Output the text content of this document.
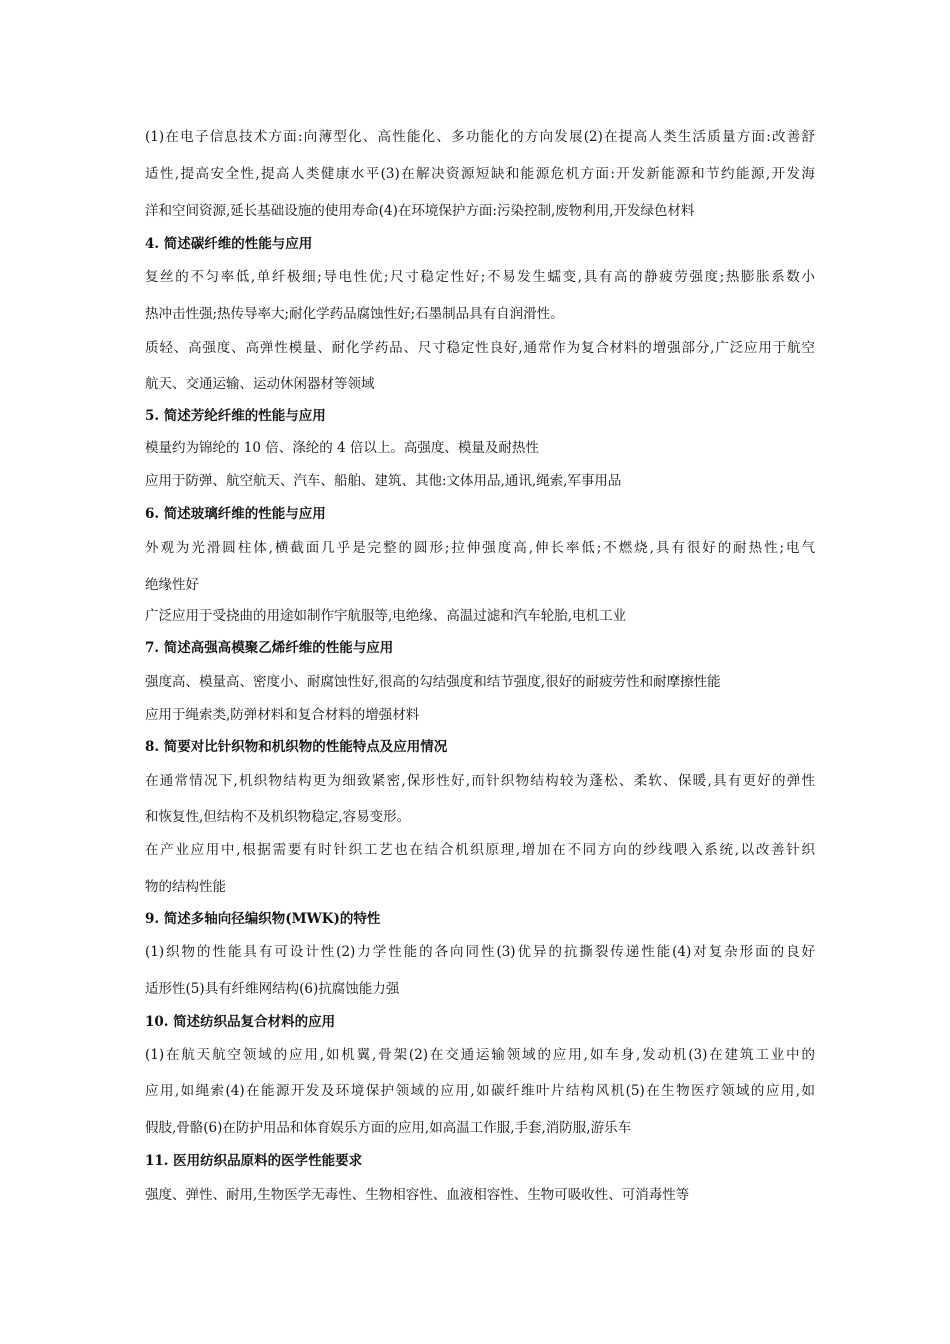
(1)在电子信息技术方面:向薄型化、高性能化、多功能化的方向发展(2)在提高人类生活质量方面:改善舒
适性,提高安全性,提高人类健康水平(3)在解决资源短缺和能源危机方面:开发新能源和节约能源,开发海
洋和空间资源,延长基础设施的使用寿命(4)在环境保护方面:污染控制,废物利用,开发绿色材料
4. 简述碳纤维的性能与应用
复丝的不匀率低,单纤极细;导电性优;尺寸稳定性好;不易发生蠕变,具有高的静疲劳强度;热膨胀系数小
热冲击性强;热传导率大;耐化学药品腐蚀性好;石墨制品具有自润滑性。
质轻、高强度、高弹性模量、耐化学药品、尺寸稳定性良好,通常作为复合材料的增强部分,广泛应用于航空
航天、交通运输、运动休闲器材等领域
5. 简述芳纶纤维的性能与应用
模量约为锦纶的 10 倍、涤纶的 4 倍以上。高强度、模量及耐热性
应用于防弹、航空航天、汽车、船舶、建筑、其他:文体用品,通讯,绳索,军事用品
6. 简述玻璃纤维的性能与应用
外观为光滑圆柱体,横截面几乎是完整的圆形;拉伸强度高,伸长率低;不燃烧,具有很好的耐热性;电气
绝缘性好
广泛应用于受挠曲的用途如制作宇航服等,电绝缘、高温过滤和汽车轮胎,电机工业
7. 简述高强高模聚乙烯纤维的性能与应用
强度高、模量高、密度小、耐腐蚀性好,很高的勾结强度和结节强度,很好的耐疲劳性和耐摩擦性能
应用于绳索类,防弹材料和复合材料的增强材料
8. 简要对比针织物和机织物的性能特点及应用情况
在通常情况下,机织物结构更为细致紧密,保形性好,而针织物结构较为蓬松、柔软、保暖,具有更好的弹性
和恢复性,但结构不及机织物稳定,容易变形。
在产业应用中,根据需要有时针织工艺也在结合机织原理,增加在不同方向的纱线喂入系统,以改善针织
物的结构性能
9. 简述多轴向径编织物(MWK)的特性
(1)织物的性能具有可设计性(2)力学性能的各向同性(3)优异的抗撕裂传递性能(4)对复杂形面的良好
适形性(5)具有纤维网结构(6)抗腐蚀能力强
10. 简述纺织品复合材料的应用
(1)在航天航空领域的应用,如机翼,骨架(2)在交通运输领域的应用,如车身,发动机(3)在建筑工业中的
应用,如绳索(4)在能源开发及环境保护领域的应用,如碳纤维叶片结构风机(5)在生物医疗领域的应用,如
假肢,骨骼(6)在防护用品和体育娱乐方面的应用,如高温工作服,手套,消防服,游乐车
11. 医用纺织品原料的医学性能要求
强度、弹性、耐用,生物医学无毒性、生物相容性、血液相容性、生物可吸收性、可消毒性等
